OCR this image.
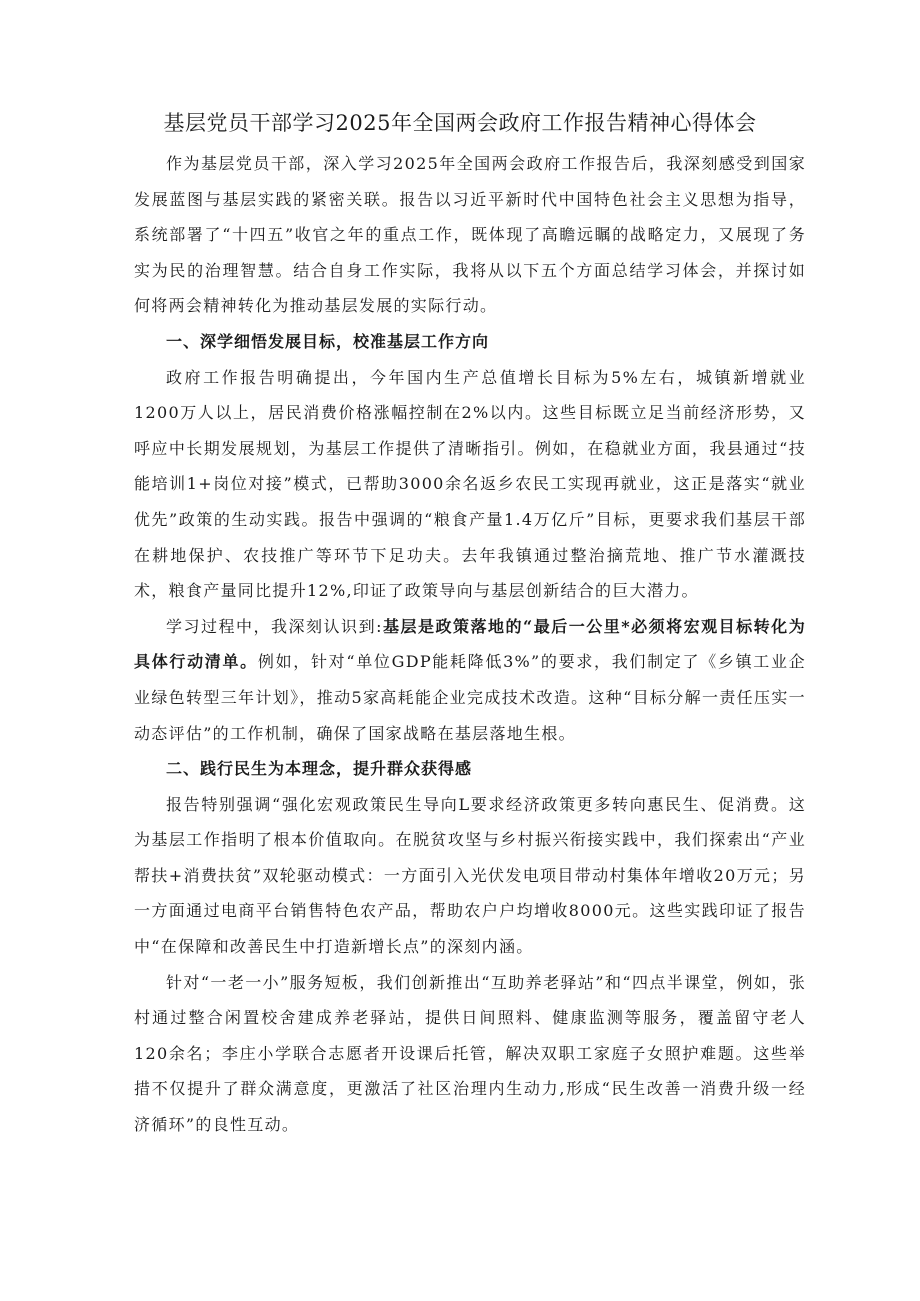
基层党员干部学习2025年全国两会政府工作报告精神心得体会

作为基层党员干部，深入学习2025年全国两会政府工作报告后，我深刻感受到国家发展蓝图与基层实践的紧密关联。报告以习近平新时代中国特色社会主义思想为指导，系统部署了“十四五”收官之年的重点工作，既体现了高瞻远瞩的战略定力，又展现了务实为民的治理智慧。结合自身工作实际，我将从以下五个方面总结学习体会，并探讨如何将两会精神转化为推动基层发展的实际行动。

一、深学细悟发展目标，校准基层工作方向

政府工作报告明确提出，今年国内生产总值增长目标为5%左右，城镇新增就业1200万人以上，居民消费价格涨幅控制在2%以内。这些目标既立足当前经济形势，又呼应中长期发展规划，为基层工作提供了清晰指引。例如，在稳就业方面，我县通过“技能培训1+岗位对接”模式，已帮助3000余名返乡农民工实现再就业，这正是落实“就业优先”政策的生动实践。报告中强调的“粮食产量1.4万亿斤”目标，更要求我们基层干部在耕地保护、农技推广等环节下足功夫。去年我镇通过整治摘荒地、推广节水灌溉技术，粮食产量同比提升12%,印证了政策导向与基层创新结合的巨大潜力。

学习过程中，我深刻认识到:基层是政策落地的“最后一公里*必须将宏观目标转化为具体行动清单。例如，针对“单位GDP能耗降低3%”的要求，我们制定了《乡镇工业企业绿色转型三年计划》，推动5家高耗能企业完成技术改造。这种“目标分解一责任压实一动态评估”的工作机制，确保了国家战略在基层落地生根。

二、践行民生为本理念，提升群众获得感

报告特别强调“强化宏观政策民生导向L要求经济政策更多转向惠民生、促消费。这为基层工作指明了根本价值取向。在脱贫攻坚与乡村振兴衔接实践中，我们探索出“产业帮扶+消费扶贫”双轮驱动模式：一方面引入光伏发电项目带动村集体年增收20万元；另一方面通过电商平台销售特色农产品，帮助农户户均增收8000元。这些实践印证了报告中“在保障和改善民生中打造新增长点”的深刻内涵。

针对“一老一小”服务短板，我们创新推出“互助养老驿站”和“四点半课堂，例如，张村通过整合闲置校舍建成养老驿站，提供日间照料、健康监测等服务，覆盖留守老人120余名；李庄小学联合志愿者开设课后托管，解决双职工家庭子女照护难题。这些举措不仅提升了群众满意度，更激活了社区治理内生动力,形成“民生改善一消费升级一经济循环”的良性互动。
